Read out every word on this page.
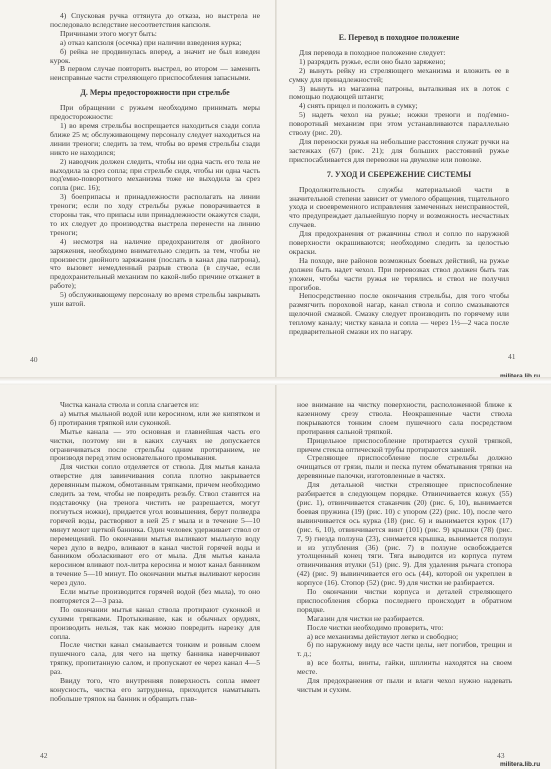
4) Спусковая ручка оттянута до отказа, но выстрела не последовало вследствие несоответствия капсюля.

Причинами этого могут быть:

а) отказ капсюля (осечка) при наличии взведения курка;

б) рейка не продвинулась вперед, а значит не был взведен курок.

В первом случае повторить выстрел, во втором — заменить неисправные части стреляющего приспособления запасными.

Д. Меры предосторожности при стрельбе

При обращении с ружьем необходимо принимать меры предосторожности:

1) во время стрельбы воспрещается находиться сзади сопла ближе 25 м; обслуживающему персоналу следует находиться на линии треноги; следить за тем, чтобы во время стрельбы сзади никто не находился;

2) наводчик должен следить, чтобы ни одна часть его тела не выходила за срез сопла; при стрельбе сидя, чтобы ни одна часть под'емно-поворотного механизма тоже не выходила за срез сопла (рис. 16);

3) боеприпасы и принадлежности располагать на линии треноги; если по ходу стрельбы ружье поворачивается в стороны так, что припасы или принадлежности окажутся сзади, то их следует до производства выстрела перенести на линию треноги;

4) несмотря на наличие предохранителя от двойного заряжения, необходимо внимательно следить за тем, чтобы не произвести двойного заряжания (послать в канал два патрона), что вызовет немедленный разрыв ствола (в случае, если предохранительный механизм по какой-либо причине откажет в работе);

5) обслуживающему персоналу во время стрельбы закрывать уши ватой.

40

Е. Перевод в походное положение

Для перевода в походное положение следует:

1) разрядить ружье, если оно было заряжено;

2) вынуть рейку из стреляющего механизма и вложить ее в сумку для принадлежностей;

3) вынуть из магазина патроны, выталкивая их в лоток с помощью подающей штанги;

4) снять прицел и положить в сумку;

5) надеть чехол на ружье; ножки треноги и под'емно-поворотный механизм при этом устанавливаются параллельно стволу (рис. 20).

Для переноски ружья на небольшие расстояния служат ручки на застежках (67) (рис. 21); для больших расстояний ружье приспосабливается для перевозки на двуколке или повозке.

7. УХОД И СБЕРЕЖЕНИЕ СИСТЕМЫ

Продолжительность службы материальной части в значительной степени зависит от умелого обращения, тщательного ухода и своевременного исправления замеченных неисправностей, что предупреждает дальнейшую порчу и возможность несчастных случаев.

Для предохранения от ржавчины ствол и сопло по наружной поверхности окрашиваются; необходимо следить за целостью окраски.

На походе, вне районов возможных боевых действий, на ружье должен быть надет чехол. При перевозках ствол должен быть так уложен, чтобы части ружья не терялись и ствол не получил прогибов.

Непосредственно после окончания стрельбы, для того чтобы размягчить пороховой нагар, канал ствола и сопло смазываются щелочной смазкой. Смазку следует производить по горячему или теплому каналу; чистку канала и сопла — через 1½—2 часа после предварительной смазки их по нагару.

41

Чистка канала ствола и сопла слагается из:

а) мытья мыльной водой или керосином, или же кипятком и б) протирания тряпкой или суконкой.

Мытье канала — это основная и главнейшая часть его чистки, поэтому ни в каких случаях не допускается ограничиваться после стрельбы одним протиранием, не производя перед этим основательного промывания.

Для чистки сопло отделяется от ствола. Для мытья канала отверстие для завинчивания сопла плотно закрывается деревянным пыжом, обмотанным тряпками, причем необходимо следить за тем, чтобы не повредить резьбу. Ствол ставится на подставочку (на тренога чистить не разрешается, могут погнуться ножки), придается угол возвышения, берут полведра горячей воды, растворяют в ней 25 г мыла и в течение 5—10 минут моют щеткой банника. Один человек удерживает ствол от перемещений. По окончании мытья выливают мыльную воду через дуло в ведро, вливают в канал чистой горячей воды и банником оболаскивают его от мыла. Для мытья канала керосином вливают пол-литра керосина и моют канал банником в течение 5—10 минут. По окончании мытья выливают керосин через дуло.

Если мытье производится горячей водой (без мыла), то оно повторяется 2—3 раза.

По окончании мытья канал ствола протирают суконкой и сухими тряпками. Протыкивание, как и обычных орудиях, производить нельзя, так как можно повредить нарезку для сопла.

После чистки канал смазывается тонким и ровным слоем пушечного сала, для чего на щетку банника наверчивают тряпку, пропитанную салом, и пропускают ее через канал 4—5 раз.

Ввиду того, что внутренняя поверхность сопла имеет конусность, чистка его затруднена, приходится наматывать побольше тряпок на банник и обращать глав-

42

ное внимание на чистку поверхности, расположенной ближе к казенному срезу ствола. Неокрашенные части ствола покрываются тонким слоем пушечного сала посредством протирания сальной тряпкой.

Прицельное приспособление протирается сухой тряпкой, причем стекла оптической трубы протираются замшей.

Стреляющее приспособление после стрельбы должно очищаться от грязи, пыли и песка путем обматывания тряпки на деревянные палочки, изготовленные в частях.

Для детальной чистки стреляющее приспособление разбирается в следующем порядке. Отвинчивается кожух (55) (рис. 1), отвинчивается стаканчик (20) (рис. 6, 10), вынимается боевая пружина (19) (рис. 10) с упором (22) (рис. 10), после чего вывинчивается ось курка (18) (рис. 6) и вынимается курок (17) (рис. 6, 10), отвинчивается винт (101) (рис. 9) крышки (78) (рис. 7, 9) гнезда ползуна (23), снимается крышка, вынимается ползун и из углубления (36) (рис. 7) в ползуне освобождается утолщенный конец тяги. Тяга выводится из корпуса путем отвинчивания втулки (51) (рис. 9). Для удаления рычага стопора (42) (рис. 9) вывинчивается его ось (44), которой он укреплен в корпусе (16). Стопор (52) (рис. 9) для чистки не разбирается.

По окончании чистки корпуса и деталей стреляющего приспособления сборка последнего происходит в обратном порядке.

Магазин для чистки не разбирается.

После чистки необходимо проверить, что:

а) все механизмы действуют легко и свободно;

б) по наружному виду все части целы, нет погибов, трещин и т. д.;

в) все болты, винты, гайки, шплинты находятся на своем месте.

Для предохранения от пыли и влаги чехол нужно надевать чистым и сухим.

43
militera.lib.ru
